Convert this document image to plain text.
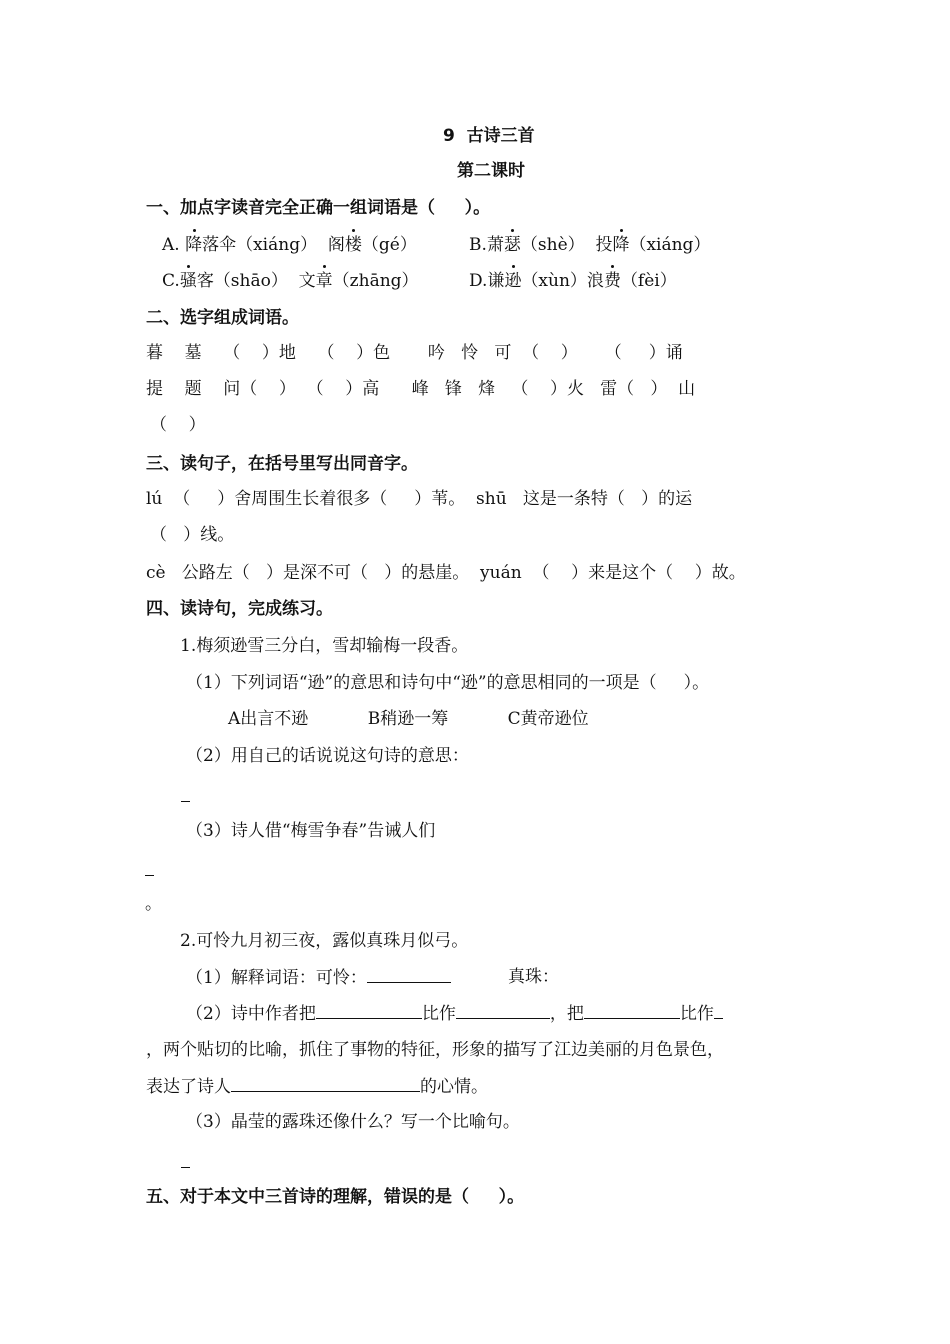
9  古诗三首
第二课时
一、加点字读音完全正确一组词语是（     ）。
A. 降落伞（xiáng） 阁楼（gé）	B.萧瑟（shè） 投降（xiáng）
C.骚客（shāo） 文章（zhāng）	D.谦逊（xùn）浪费（fèi）
二、选字组成词语。
暮    墓    （    ）地    （    ）色       吟   怜   可  （    ）     （     ）诵
提    题    问（    ）  （    ）高      峰   锋   烽   （    ）火   雷（   ）  山
（    ）
三、读句子，在括号里写出同音字。
lú  （     ）舍周围生长着很多（     ）苇。  shū   这是一条特（   ）的运
（   ）线。
cè   公路左（   ）是深不可（   ）的悬崖。  yuán  （    ）来是这个（    ）故。
四、读诗句，完成练习。
1.梅须逊雪三分白，雪却输梅一段香。
（1）下列词语“逊”的意思和诗句中“逊”的意思相同的一项是（     ）。
A出言不逊           B稍逊一筹           C黄帝逊位
（2）用自己的话说说这句诗的意思：
（3）诗人借“梅雪争春”告诫人们
。
2.可怜九月初三夜，露似真珠月似弓。
（1）解释词语：可怜：	真珠：
（2）诗中作者把	比作	，把	比作
，两个贴切的比喻，抓住了事物的特征，形象的描写了江边美丽的月色景色，
表达了诗人	的心情。
（3）晶莹的露珠还像什么？写一个比喻句。
五、对于本文中三首诗的理解，错误的是（     ）。
